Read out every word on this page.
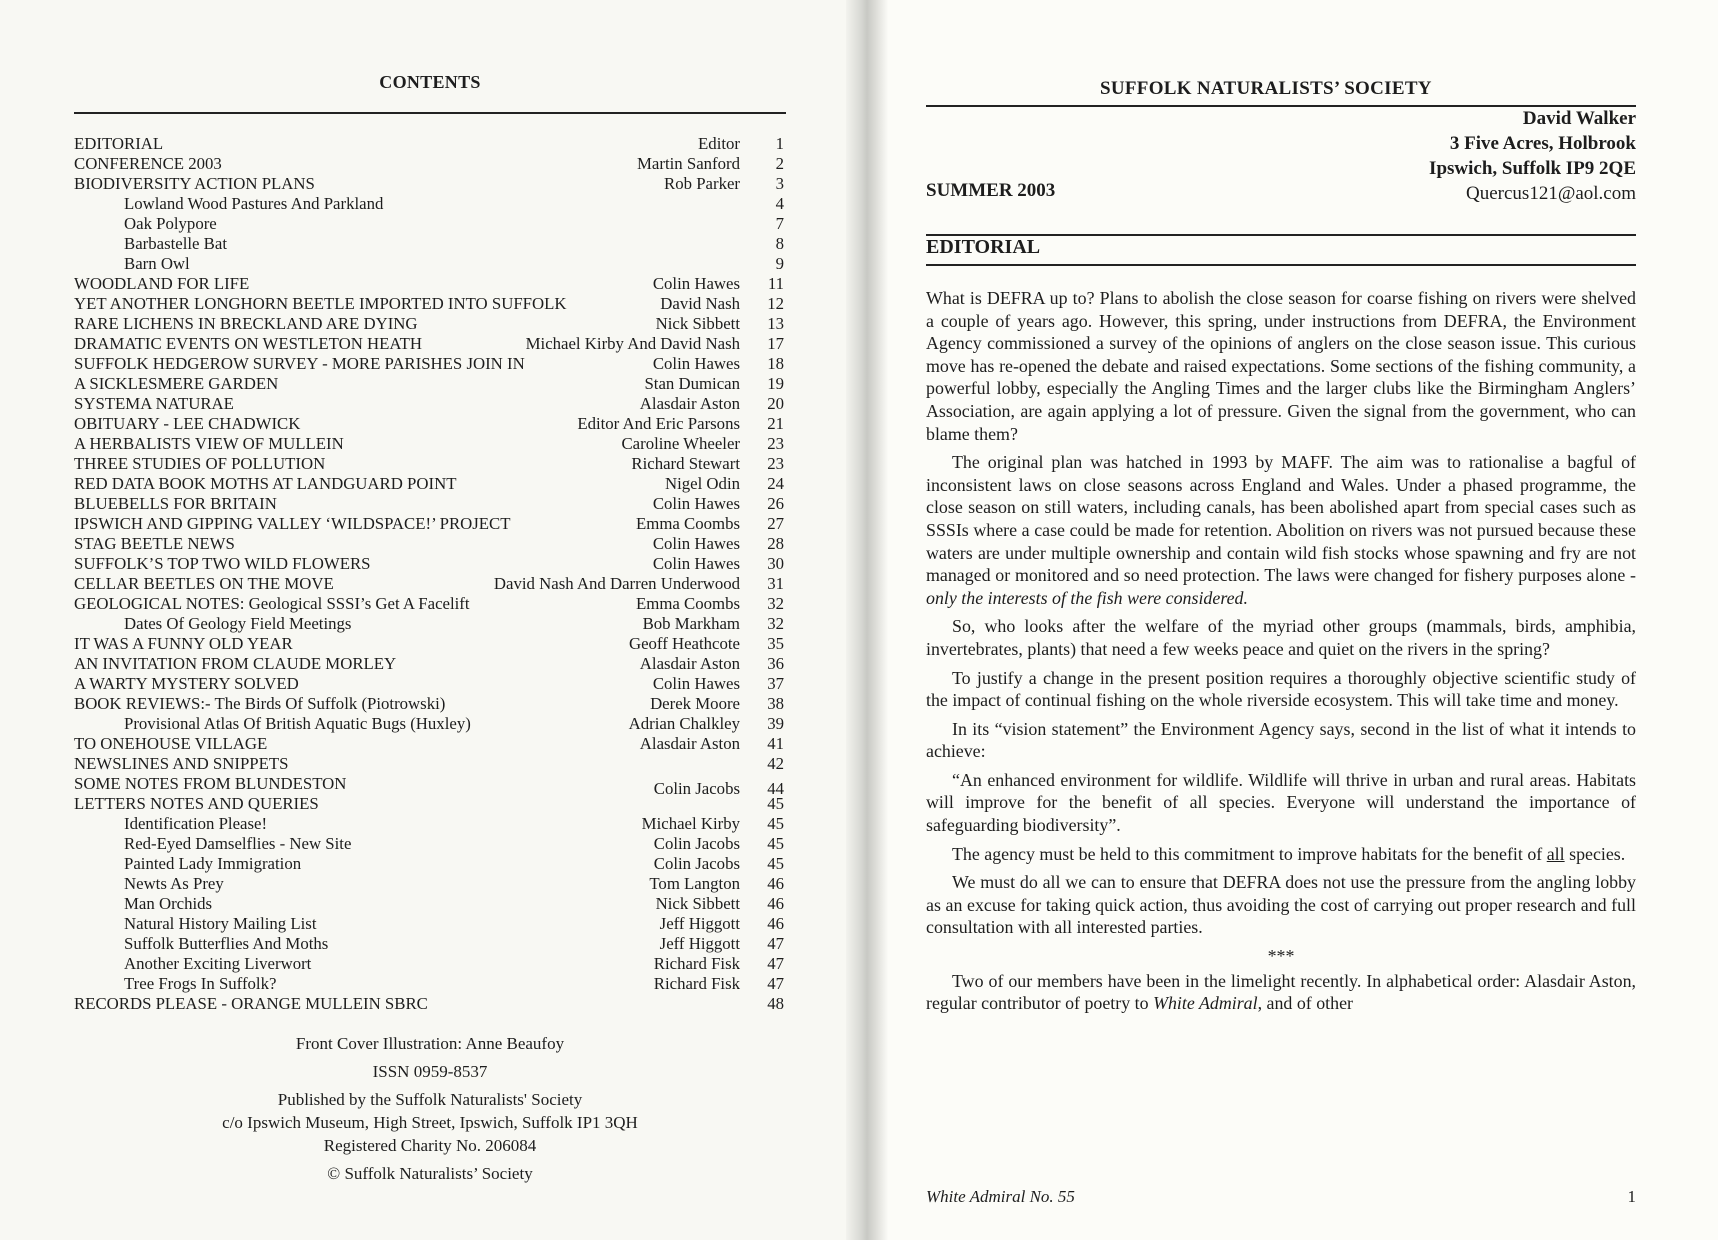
CONTENTS
EDITORIAL	Editor	1
CONFERENCE 2003	Martin Sanford	2
BIODIVERSITY ACTION PLANS	Rob Parker	3
Lowland Wood Pastures And Parkland	4
Oak Polypore	7
Barbastelle Bat	8
Barn Owl	9
WOODLAND FOR LIFE	Colin Hawes	11
YET ANOTHER LONGHORN BEETLE IMPORTED INTO SUFFOLK	David Nash	12
RARE LICHENS IN BRECKLAND ARE DYING	Nick Sibbett	13
DRAMATIC EVENTS ON WESTLETON HEATH	Michael Kirby And David Nash	17
SUFFOLK HEDGEROW SURVEY - MORE PARISHES JOIN IN	Colin Hawes	18
A SICKLESMERE GARDEN	Stan Dumican	19
SYSTEMA NATURAE	Alasdair Aston	20
OBITUARY - LEE CHADWICK	Editor And Eric Parsons	21
A HERBALISTS VIEW OF MULLEIN	Caroline Wheeler	23
THREE STUDIES OF POLLUTION	Richard Stewart	23
RED DATA BOOK MOTHS AT LANDGUARD POINT	Nigel Odin	24
BLUEBELLS FOR BRITAIN	Colin Hawes	26
IPSWICH AND GIPPING VALLEY ‘WILDSPACE!’ PROJECT	Emma Coombs	27
STAG BEETLE NEWS	Colin Hawes	28
SUFFOLK’S TOP TWO WILD FLOWERS	Colin Hawes	30
CELLAR BEETLES ON THE MOVE	David Nash And Darren Underwood	31
GEOLOGICAL NOTES: Geological SSSI’s Get A Facelift	Emma Coombs	32
Dates Of Geology Field Meetings	Bob Markham	32
IT WAS A FUNNY OLD YEAR	Geoff Heathcote	35
AN INVITATION FROM CLAUDE MORLEY	Alasdair Aston	36
A WARTY MYSTERY SOLVED	Colin Hawes	37
BOOK REVIEWS:- The Birds Of Suffolk (Piotrowski)	Derek Moore	38
Provisional Atlas Of British Aquatic Bugs (Huxley)	Adrian Chalkley	39
TO ONEHOUSE VILLAGE	Alasdair Aston	41
NEWSLINES AND SNIPPETS	42
SOME NOTES FROM BLUNDESTON	Colin Jacobs	44
LETTERS NOTES AND QUERIES	45
Identification Please!	Michael Kirby	45
Red-Eyed Damselflies - New Site	Colin Jacobs	45
Painted Lady Immigration	Colin Jacobs	45
Newts As Prey	Tom Langton	46
Man Orchids	Nick Sibbett	46
Natural History Mailing List	Jeff Higgott	46
Suffolk Butterflies And Moths	Jeff Higgott	47
Another Exciting Liverwort	Richard Fisk	47
Tree Frogs In Suffolk?	Richard Fisk	47
RECORDS PLEASE - ORANGE MULLEIN SBRC	48
Front Cover Illustration: Anne Beaufoy
ISSN 0959-8537
Published by the Suffolk Naturalists' Society
c/o Ipswich Museum, High Street, Ipswich, Suffolk IP1 3QH
Registered Charity No. 206084
© Suffolk Naturalists’ Society
SUFFOLK NATURALISTS’ SOCIETY
David Walker
3 Five Acres, Holbrook
Ipswich, Suffolk IP9 2QE
Quercus121@aol.com
SUMMER 2003
EDITORIAL

What is DEFRA up to? Plans to abolish the close season for coarse fishing on rivers were shelved a couple of years ago. However, this spring, under instructions from DEFRA, the Environment Agency commissioned a survey of the opinions of anglers on the close season issue. This curious move has re-opened the debate and raised expectations. Some sections of the fishing community, a powerful lobby, especially the Angling Times and the larger clubs like the Birmingham Anglers’ Association, are again applying a lot of pressure. Given the signal from the government, who can blame them?

The original plan was hatched in 1993 by MAFF. The aim was to rationalise a bagful of inconsistent laws on close seasons across England and Wales. Under a phased programme, the close season on still waters, including canals, has been abolished apart from special cases such as SSSIs where a case could be made for retention. Abolition on rivers was not pursued because these waters are under multiple ownership and contain wild fish stocks whose spawning and fry are not managed or monitored and so need protection. The laws were changed for fishery purposes alone - only the interests of the fish were considered.

So, who looks after the welfare of the myriad other groups (mammals, birds, amphibia, invertebrates, plants) that need a few weeks peace and quiet on the rivers in the spring?

To justify a change in the present position requires a thoroughly objective scientific study of the impact of continual fishing on the whole riverside ecosystem. This will take time and money.

In its “vision statement” the Environment Agency says, second in the list of what it intends to achieve:

“An enhanced environment for wildlife. Wildlife will thrive in urban and rural areas. Habitats will improve for the benefit of all species. Everyone will understand the importance of safeguarding biodiversity”.

The agency must be held to this commitment to improve habitats for the benefit of all species.

We must do all we can to ensure that DEFRA does not use the pressure from the angling lobby as an excuse for taking quick action, thus avoiding the cost of carrying out proper research and full consultation with all interested parties.

***

Two of our members have been in the limelight recently. In alphabetical order: Alasdair Aston, regular contributor of poetry to White Admiral, and of other

White Admiral No. 55	1
